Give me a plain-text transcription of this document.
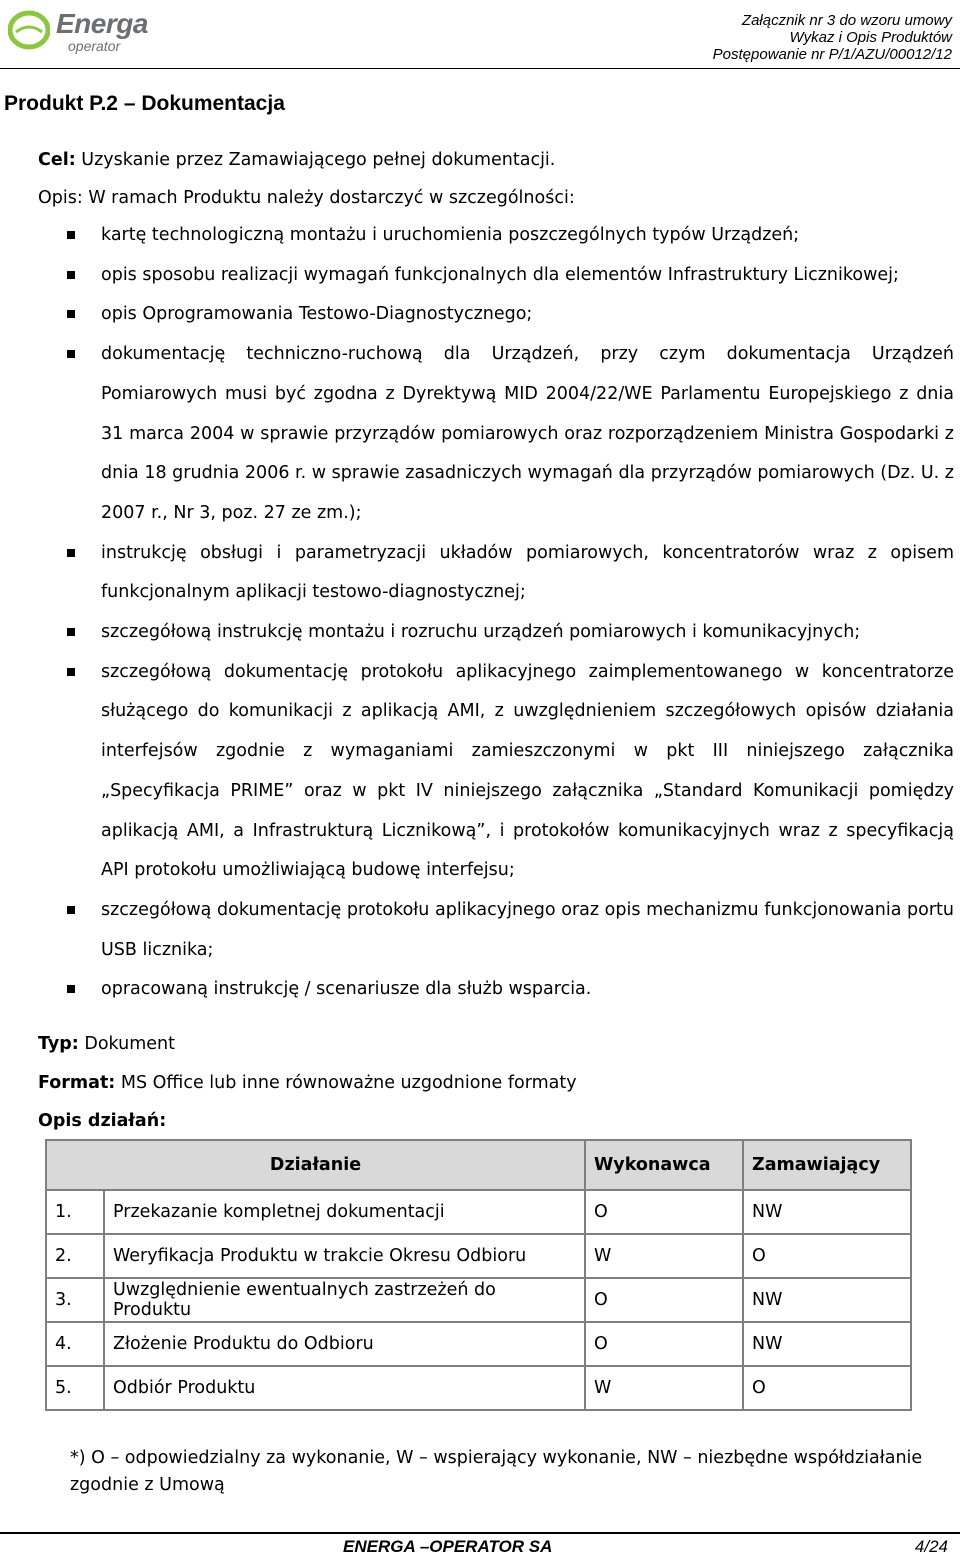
Energa
operator
Załącznik nr 3 do wzoru umowy
Wykaz i Opis Produktów
Postępowanie nr P/1/AZU/00012/12
Produkt P.2 – Dokumentacja
Cel: Uzyskanie przez Zamawiającego pełnej dokumentacji.
Opis: W ramach Produktu należy dostarczyć w szczególności:
kartę technologiczną montażu i uruchomienia poszczególnych typów Urządzeń;
opis sposobu realizacji wymagań funkcjonalnych dla elementów Infrastruktury Licznikowej;
opis Oprogramowania Testowo-Diagnostycznego;
dokumentację techniczno-ruchową dla Urządzeń, przy czym dokumentacja Urządzeń Pomiarowych musi być zgodna z Dyrektywą MID 2004/22/WE Parlamentu Europejskiego z dnia 31 marca 2004 w sprawie przyrządów pomiarowych oraz rozporządzeniem Ministra Gospodarki z dnia 18 grudnia 2006 r. w sprawie zasadniczych wymagań dla przyrządów pomiarowych (Dz. U. z 2007 r., Nr 3, poz. 27 ze zm.);
instrukcję obsługi i parametryzacji układów pomiarowych, koncentratorów wraz z opisem funkcjonalnym aplikacji testowo-diagnostycznej;
szczegółową instrukcję montażu i rozruchu urządzeń pomiarowych i komunikacyjnych;
szczegółową dokumentację protokołu aplikacyjnego zaimplementowanego w koncentratorze służącego do komunikacji z aplikacją AMI, z uwzględnieniem szczegółowych opisów działania interfejsów zgodnie z wymaganiami zamieszczonymi w pkt III niniejszego załącznika „Specyfikacja PRIME” oraz w pkt IV niniejszego załącznika „Standard Komunikacji pomiędzy aplikacją AMI, a Infrastrukturą Licznikową”, i protokołów komunikacyjnych wraz z specyfikacją API protokołu umożliwiającą budowę interfejsu;
szczegółową dokumentację protokołu aplikacyjnego oraz opis mechanizmu funkcjonowania portu USB licznika;
opracowaną instrukcję / scenariusze dla służb wsparcia.
Typ: Dokument
Format: MS Office lub inne równoważne uzgodnione formaty
Opis działań:
Działanie		Wykonawca	Zamawiający
1.	Przekazanie kompletnej dokumentacji	O	NW
2.	Weryfikacja Produktu w trakcie Okresu Odbioru	W	O
3.	Uwzględnienie ewentualnych zastrzeżeń do Produktu	O	NW
4.	Złożenie Produktu do Odbioru	O	NW
5.	Odbiór Produktu	W	O
*) O – odpowiedzialny za wykonanie, W – wspierający wykonanie, NW – niezbędne współdziałanie zgodnie z Umową
ENERGA –OPERATOR SA	4/24
